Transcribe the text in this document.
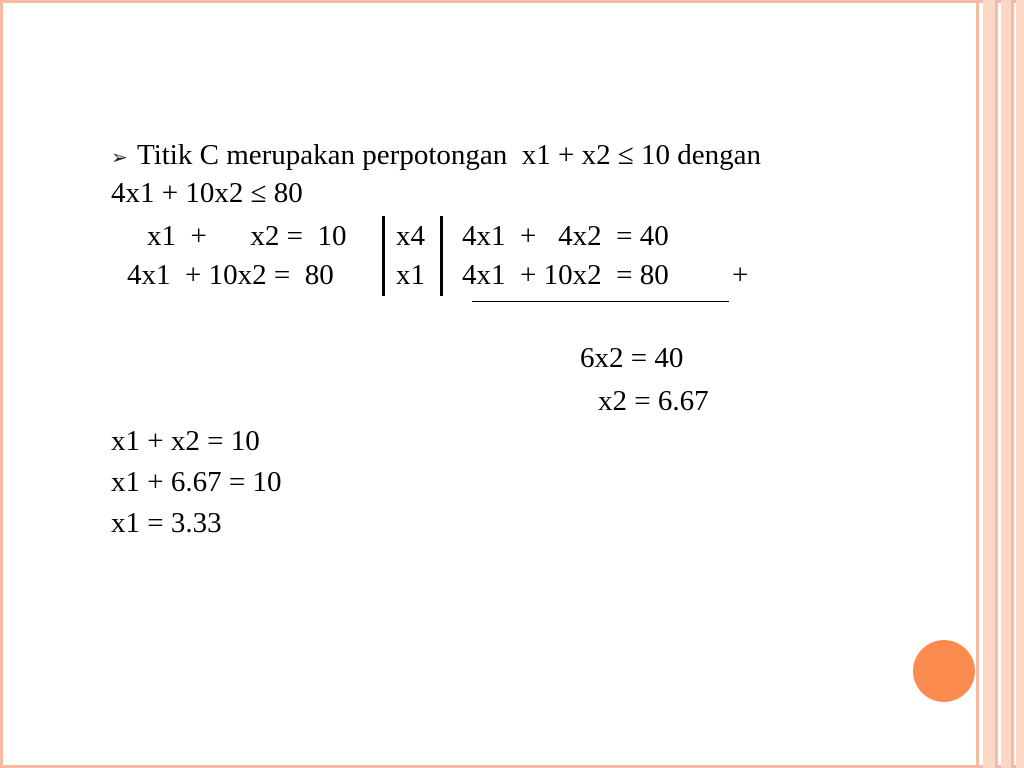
➢ Titik C merupakan perpotongan  x1 + x2 ≤ 10 dengan
4x1 + 10x2 ≤ 80
x1  +      x2 =  10 x4 4x1  +   4x2  = 40
4x1  + 10x2 =  80 x1 4x1  + 10x2  = 80 +
6x2 = 40
x2 = 6.67
x1 + x2 = 10
x1 + 6.67 = 10
x1 = 3.33
